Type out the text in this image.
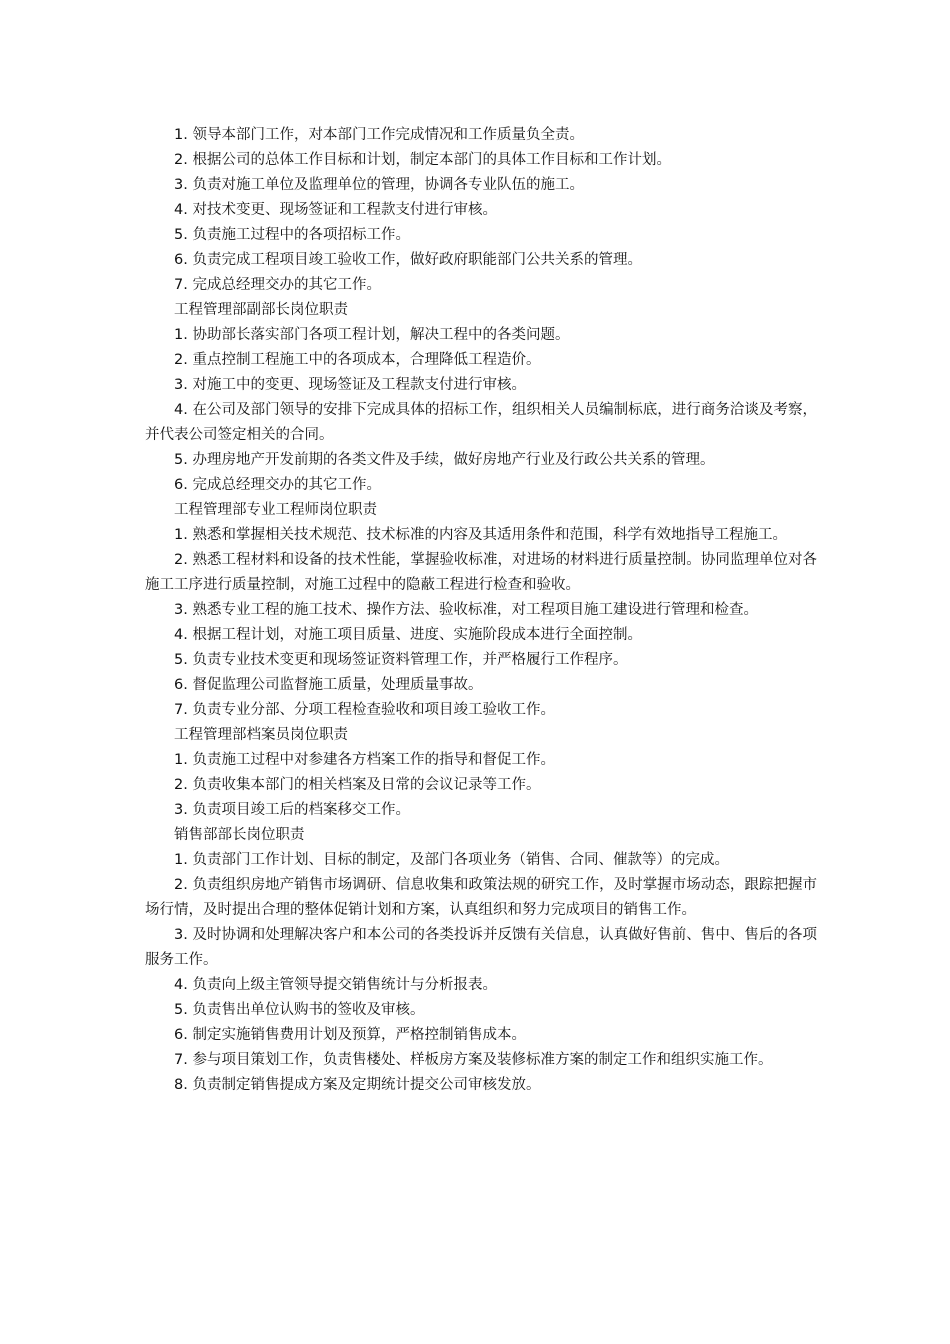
1. 领导本部门工作，对本部门工作完成情况和工作质量负全责。

2. 根据公司的总体工作目标和计划，制定本部门的具体工作目标和工作计划。

3. 负责对施工单位及监理单位的管理，协调各专业队伍的施工。

4. 对技术变更、现场签证和工程款支付进行审核。

5. 负责施工过程中的各项招标工作。

6. 负责完成工程项目竣工验收工作，做好政府职能部门公共关系的管理。

7. 完成总经理交办的其它工作。

工程管理部副部长岗位职责

1. 协助部长落实部门各项工程计划，解决工程中的各类问题。

2. 重点控制工程施工中的各项成本，合理降低工程造价。

3. 对施工中的变更、现场签证及工程款支付进行审核。

4. 在公司及部门领导的安排下完成具体的招标工作，组织相关人员编制标底，进行商务洽谈及考察，并代表公司签定相关的合同。

5. 办理房地产开发前期的各类文件及手续，做好房地产行业及行政公共关系的管理。

6. 完成总经理交办的其它工作。

工程管理部专业工程师岗位职责

1. 熟悉和掌握相关技术规范、技术标准的内容及其适用条件和范围，科学有效地指导工程施工。

2. 熟悉工程材料和设备的技术性能，掌握验收标准，对进场的材料进行质量控制。协同监理单位对各施工工序进行质量控制，对施工过程中的隐蔽工程进行检查和验收。

3. 熟悉专业工程的施工技术、操作方法、验收标准，对工程项目施工建设进行管理和检查。

4. 根据工程计划，对施工项目质量、进度、实施阶段成本进行全面控制。

5. 负责专业技术变更和现场签证资料管理工作，并严格履行工作程序。

6. 督促监理公司监督施工质量，处理质量事故。

7. 负责专业分部、分项工程检查验收和项目竣工验收工作。

工程管理部档案员岗位职责

1. 负责施工过程中对参建各方档案工作的指导和督促工作。

2. 负责收集本部门的相关档案及日常的会议记录等工作。

3. 负责项目竣工后的档案移交工作。

销售部部长岗位职责

1. 负责部门工作计划、目标的制定，及部门各项业务（销售、合同、催款等）的完成。

2. 负责组织房地产销售市场调研、信息收集和政策法规的研究工作，及时掌握市场动态，跟踪把握市场行情，及时提出合理的整体促销计划和方案，认真组织和努力完成项目的销售工作。

3. 及时协调和处理解决客户和本公司的各类投诉并反馈有关信息，认真做好售前、售中、售后的各项服务工作。

4. 负责向上级主管领导提交销售统计与分析报表。

5. 负责售出单位认购书的签收及审核。

6. 制定实施销售费用计划及预算，严格控制销售成本。

7. 参与项目策划工作，负责售楼处、样板房方案及装修标准方案的制定工作和组织实施工作。

8. 负责制定销售提成方案及定期统计提交公司审核发放。
